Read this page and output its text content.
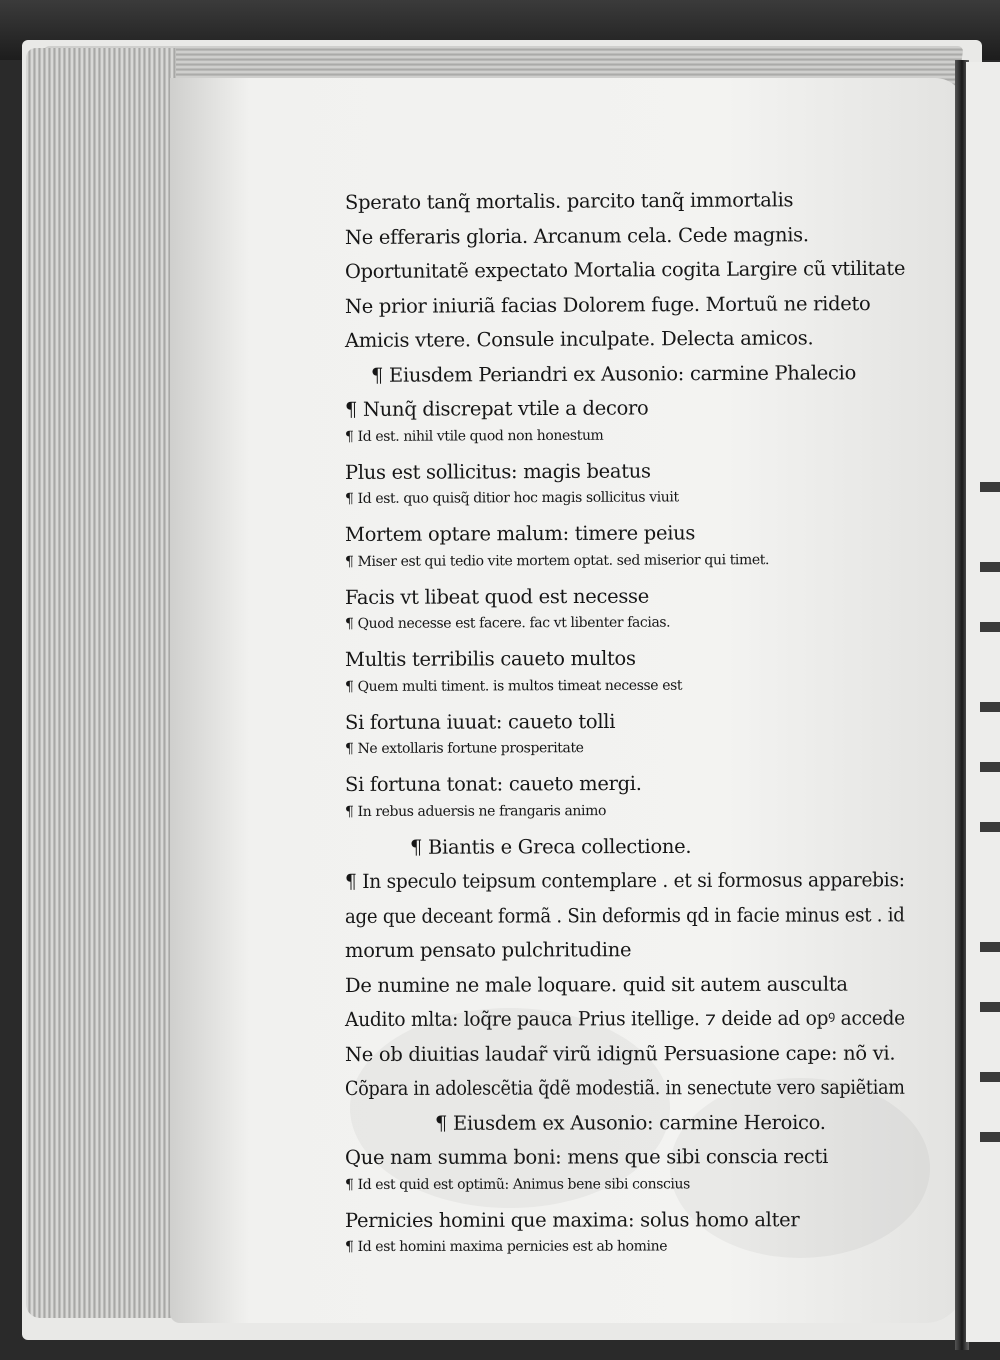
Sperato tanq̃ mortalis. parcito tanq̃ immortalis
Ne efferaris gloria. Arcanum cela. Cede magnis.
Oportunitatẽ expectato Mortalia cogita Largire cũ vtilitate
Ne prior iniuriã facias Dolorem fuge. Mortuũ ne rideto
Amicis vtere. Consule inculpate. Delecta amicos.
¶ Eiusdem Periandri ex Ausonio: carmine Phalecio
¶ Nunq̃ discrepat vtile a decoro
¶ Id est. nihil vtile quod non honestum
Plus est sollicitus: magis beatus
¶ Id est. quo quisq̃ ditior hoc magis sollicitus viuit
Mortem optare malum: timere peius
¶ Miser est qui tedio vite mortem optat. sed miserior qui timet.
Facis vt libeat quod est necesse
¶ Quod necesse est facere. fac vt libenter facias.
Multis terribilis caueto multos
¶ Quem multi timent. is multos timeat necesse est
Si fortuna iuuat: caueto tolli
¶ Ne extollaris fortune prosperitate
Si fortuna tonat: caueto mergi.
¶ In rebus aduersis ne frangaris animo
¶ Biantis e Greca collectione.
¶ In speculo teipsum contemplare . et si formosus apparebis:
age que deceant formã . Sin deformis qd in facie minus est . id
morum pensato pulchritudine
De numine ne male loquare. quid sit autem ausculta
Audito mlta: loq̃re pauca Prius itellige. ⁊ deide ad opꝰ accede
Ne ob diuitias laudar̃ virũ idignũ Persuasione cape: nõ vi.
Cõpara in adolescẽtia q̃dẽ modestiã. in senectute vero sapiẽtiam
¶ Eiusdem ex Ausonio: carmine Heroico.
Que nam summa boni: mens que sibi conscia recti
¶ Id est quid est optimũ: Animus bene sibi conscius
Pernicies homini que maxima: solus homo alter
¶ Id est homini maxima pernicies est ab homine
